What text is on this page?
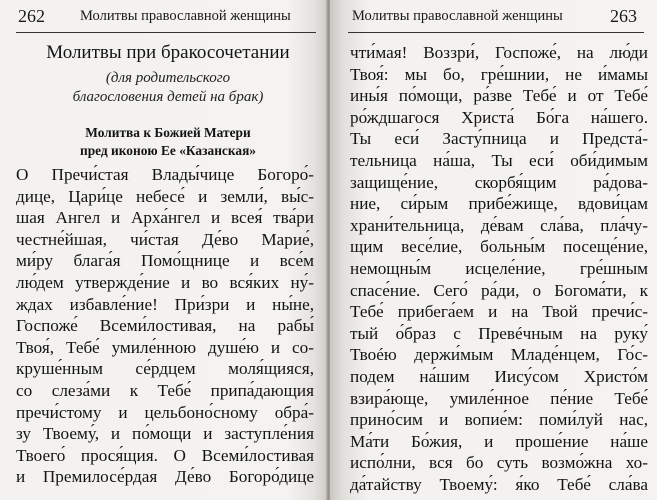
262 Молитвы православной женщины
Молитвы при бракосочетании
(для родительского
благословения детей на брак)
Молитва к Божией Матери
пред иконою Ее «Казанская»
О Пречи́стая Влады́чице Богоро́-
дице, Цари́це небесе́ и земли́, вы́с-
шая Ангел и Арха́нгел и всея́ тва́ри
честне́йшая, чи́стая Де́во Марие́,
ми́ру блага́я Помо́щнице и все́м
лю́дем утвержде́ние и во вся́ких ну́-
ждах избавле́ние! При́зри и ны́не,
Госпоже́ Всеми́лостивая, на рабы́
Твоя́, Тебе́ умиле́нною душе́ю и со-
круше́нным се́рдцем моля́щияся,
со слеза́ми к Тебе́ припа́дающия
пречи́стому и цельбоно́сному обра́-
зу Твоему́, и по́мощи и заступле́ния
Твоего́ прося́щия. О Всеми́лостивая
и Премилосе́рдая Де́во Богоро́дице
Молитвы православной женщины	263
чти́мая! Воззри́, Госпоже́, на лю́ди
Твоя́: мы бо, гре́шнии, не и́мамы
ины́я по́мощи, ра́зве Тебе́ и от Тебе́
ро́ждшагося Христа́ Бо́га на́шего.
Ты еси́ Засту́пница и Предста́-
тельница на́ша, Ты еси́ оби́димым
защище́ние, скорбя́щим ра́дова-
ние, си́рым прибе́жище, вдови́цам
храни́тельница, де́вам сла́ва, пла́чу-
щим весе́лие, больны́м посеще́ние,
немощны́м исцеле́ние, гре́шным
спасе́ние. Сего́ ра́ди, о Богома́ти, к
Тебе́ прибега́ем и на Твой пречи́с-
тый о́браз с Превéчным на руку́
Твоéю держи́мым Младе́нцем, Го́с-
подем на́шим Иису́сом Христо́м
взира́юще, умиле́нное пе́ние Тебе́
прино́сим и вопие́м: поми́луй нас,
Ма́ти Бо́жия, и проше́ние на́ше
испо́лни, вся бо суть возмо́жна хо-
да́тайству Твоему́: я́ко Тебе́ сла́ва
